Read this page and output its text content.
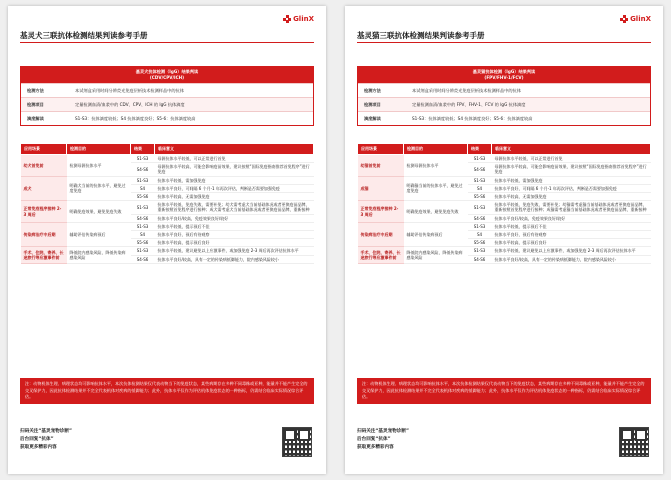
GlinX
基灵犬三联抗体检测结果判读参考手册
基灵犬抗体检测（IgG）结果判读
(CDV/CPV/ICH)
检测方法	本试剂盒采用时间分辨荧光免疫层析技术检测样品中的抗体
检测项目	定量检测血清/血浆中的 CDV、CPV、ICH 的 IgG 抗体滴度
滴度解读	S1-S3：抗体滴度较低；S4 抗体滴度良好；S5-6：抗体滴度较高
应用场景	检测目的	结果	临床意义
幼犬首免前	检测母源抗体水平	S1-S3	母源抗体水平较低，可以正常进行首免
		S4-S6	母源抗体水平较高，可能会影响疫苗效果，建议按照“国际免疫指南推荐首免程序”进行免疫
成犬	明确犬当前的抗体水平，避免过度免疫	S1-S3	抗体水平较低，需加强免疫
		S4	抗体水平良好，可间隔 6 个月-1 年再次评估，判断是否需要加强免疫
		S5-S6	抗体水平较高，无需加强免疫
正常免疫程序接种 2-3 周后	明确免疫效果，避免免疫失败	S1-S3	抗体水平较低，免疫失败，需要补免；幼犬需考虑犬当前基础体况或者更换疫苗品牌，重新按照首免程序进行接种；成犬需考虑犬当前基础体况或者更换疫苗品牌，重新接种
		S4-S6	抗体水平良好/较高，免疫效果良好/较好
传染病治疗中后期	辅助评估传染病预后	S1-S3	抗体水平较低，提示预后不佳
		S4	抗体水平良好，预后有待观察
		S5-S6	抗体水平较高，提示预后良好
手术、住院、寄养、长途旅行等应激事件前	降低院内感染风险，降低传染病感染风险	S1-S3	抗体水平较低，建议避免以上应激事件，或加强免疫 2-3 周后再次评估抗体水平
		S4-S6	抗体水平良好/较高，具有一定的传染病抵御能力，院内感染风险较小
注：动物机体生理、病理状态均可影响抗体水平，本次抗体检测结果仅代表动物当下的免疫状态，某些病期存在多种不同毒株或亚种，能量并不能产生完全的交叉保护力，因此抗体检测结果并不完全代表机体对疾病的抵御能力；此外，抗体水平仅作为评估机体免疫状态的一种指标，仍需结合临床实际情况综合评估。
扫码关注“基灵宠物诊断”
后台回复“抗体”
获取更多精彩内容
GlinX
基灵猫三联抗体检测结果判读参考手册
基灵猫抗体检测（IgG）结果判读
(FPV/FHV-1/FCV)
检测方法	本试剂盒采用时间分辨荧光免疫层析技术检测样品中的抗体
检测项目	定量检测血清/血浆中的 FPV、FHV-1、FCV 的 IgG 抗体滴度
滴度解读	S1-S3：抗体滴度较低；S4 抗体滴度良好；S5-6：抗体滴度较高
应用场景	检测目的	结果	临床意义
幼猫首免前	检测母源抗体水平	S1-S3	母源抗体水平较低，可以正常进行首免
		S4-S6	母源抗体水平较高，可能会影响疫苗效果，建议按照“国际免疫指南推荐首免程序”进行免疫
成猫	明确猫当前的抗体水平，避免过度免疫	S1-S3	抗体水平较低，需加强免疫
		S4	抗体水平良好，可间隔 6 个月-1 年再次评估，判断是否需要加强免疫
		S5-S6	抗体水平较高，无需加强免疫
正常免疫程序接种 2-3 周后	明确免疫效果，避免免疫失败	S1-S3	抗体水平较低，免疫失败，需要补免；幼猫需考虑猫当前基础体况或者更换疫苗品牌，重新按照首免程序进行接种；成猫需考虑猫当前基础体况或者更换疫苗品牌，重新接种
		S4-S6	抗体水平良好/较高，免疫效果良好/较好
传染病治疗中后期	辅助评估传染病预后	S1-S3	抗体水平较低，提示预后不佳
		S4	抗体水平良好，预后有待观察
		S5-S6	抗体水平较高，提示预后良好
手术、住院、寄养、长途旅行等应激事件前	降低院内感染风险，降低传染病感染风险	S1-S3	抗体水平较低，建议避免以上应激事件，或加强免疫 2-3 周后再次评估抗体水平
		S4-S6	抗体水平良好/较高，具有一定的传染病抵御能力，院内感染风险较小
注：动物机体生理、病理状态均可影响抗体水平，本次抗体检测结果仅代表动物当下的免疫状态，某些病期存在多种不同毒株或亚种，能量并不能产生完全的交叉保护力，因此抗体检测结果并不完全代表机体对疾病的抵御能力；此外，抗体水平仅作为评估机体免疫状态的一种指标，仍需结合临床实际情况综合评估。
扫码关注“基灵宠物诊断”
后台回复“抗体”
获取更多精彩内容
